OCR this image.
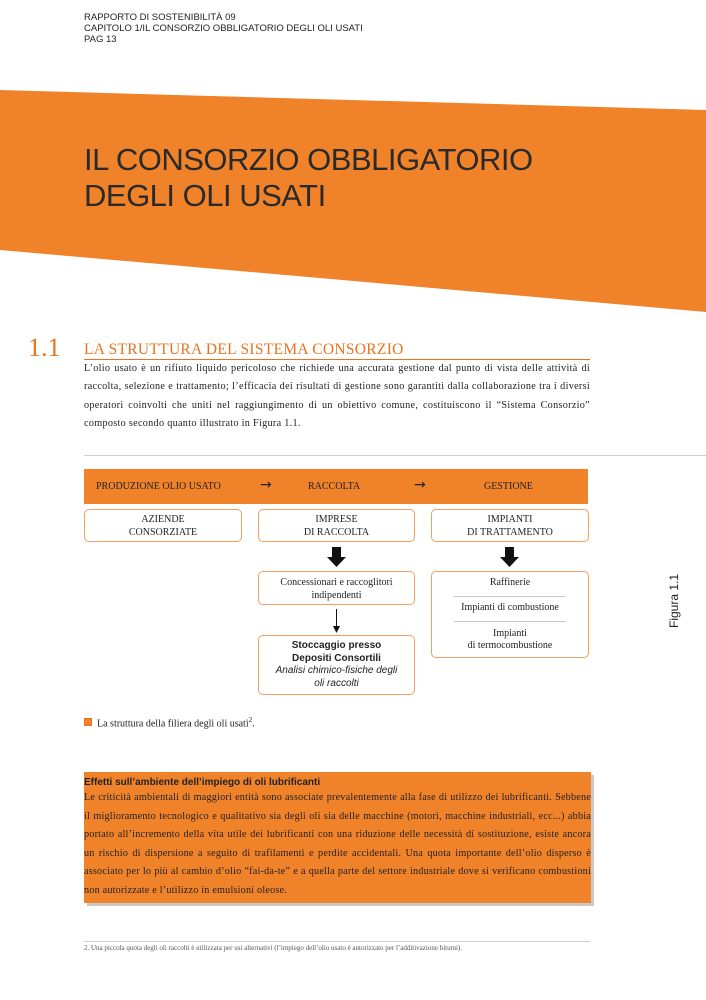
RAPPORTO DI SOSTENIBILITÀ 09
CAPITOLO 1/IL CONSORZIO OBBLIGATORIO DEGLI OLI USATI
PAG 13
IL CONSORZIO OBBLIGATORIO
DEGLI OLI USATI
1.1 LA STRUTTURA DEL SISTEMA CONSORZIO
L’olio usato è un rifiuto liquido pericoloso che richiede una accurata gestione dal punto di vista delle attività di raccolta, selezione e trattamento; l’efficacia dei risultati di gestione sono garantiti dalla collaborazione tra i diversi operatori coinvolti che uniti nel raggiungimento di un obiettivo comune, costituiscono il “Sistema Consorzio” composto secondo quanto illustrato in Figura 1.1.
PRODUZIONE OLIO USATO	→	RACCOLTA	→	GESTIONE
AZIENDE
CONSORZIATE
IMPRESE
DI RACCOLTA
IMPIANTI
DI TRATTAMENTO
Concessionari e raccoglitori
indipendenti
Stoccaggio presso
Depositi Consortili
Analisi chimico-fisiche degli
oli raccolti
Raffinerie
Impianti di combustione
Impianti
di termocombustione
Figura 1.1
La struttura della filiera degli oli usati$^2$.
Effetti sull’ambiente dell’impiego di oli lubrificanti
Le criticità ambientali di maggiori entità sono associate prevalentemente alla fase di utilizzo dei lubrificanti. Sebbene il miglioramento tecnologico e qualitativo sia degli oli sia delle macchine (motori, macchine industriali, ecc...) abbia portato all’incremento della vita utile dei lubrificanti con una riduzione delle necessità di sostituzione, esiste ancora un rischio di dispersione a seguito di trafilamenti e perdite accidentali. Una quota importante dell’olio disperso è associato per lo più al cambio d’olio “fai-da-te” e a quella parte del settore industriale dove si verificano combustioni non autorizzate e l’utilizzo in emulsioni oleose.
2. Una piccola quota degli oli raccolti è utilizzata per usi alternativi (l’impiego dell’olio usato è autorizzato per l’additivazione bitumi).
